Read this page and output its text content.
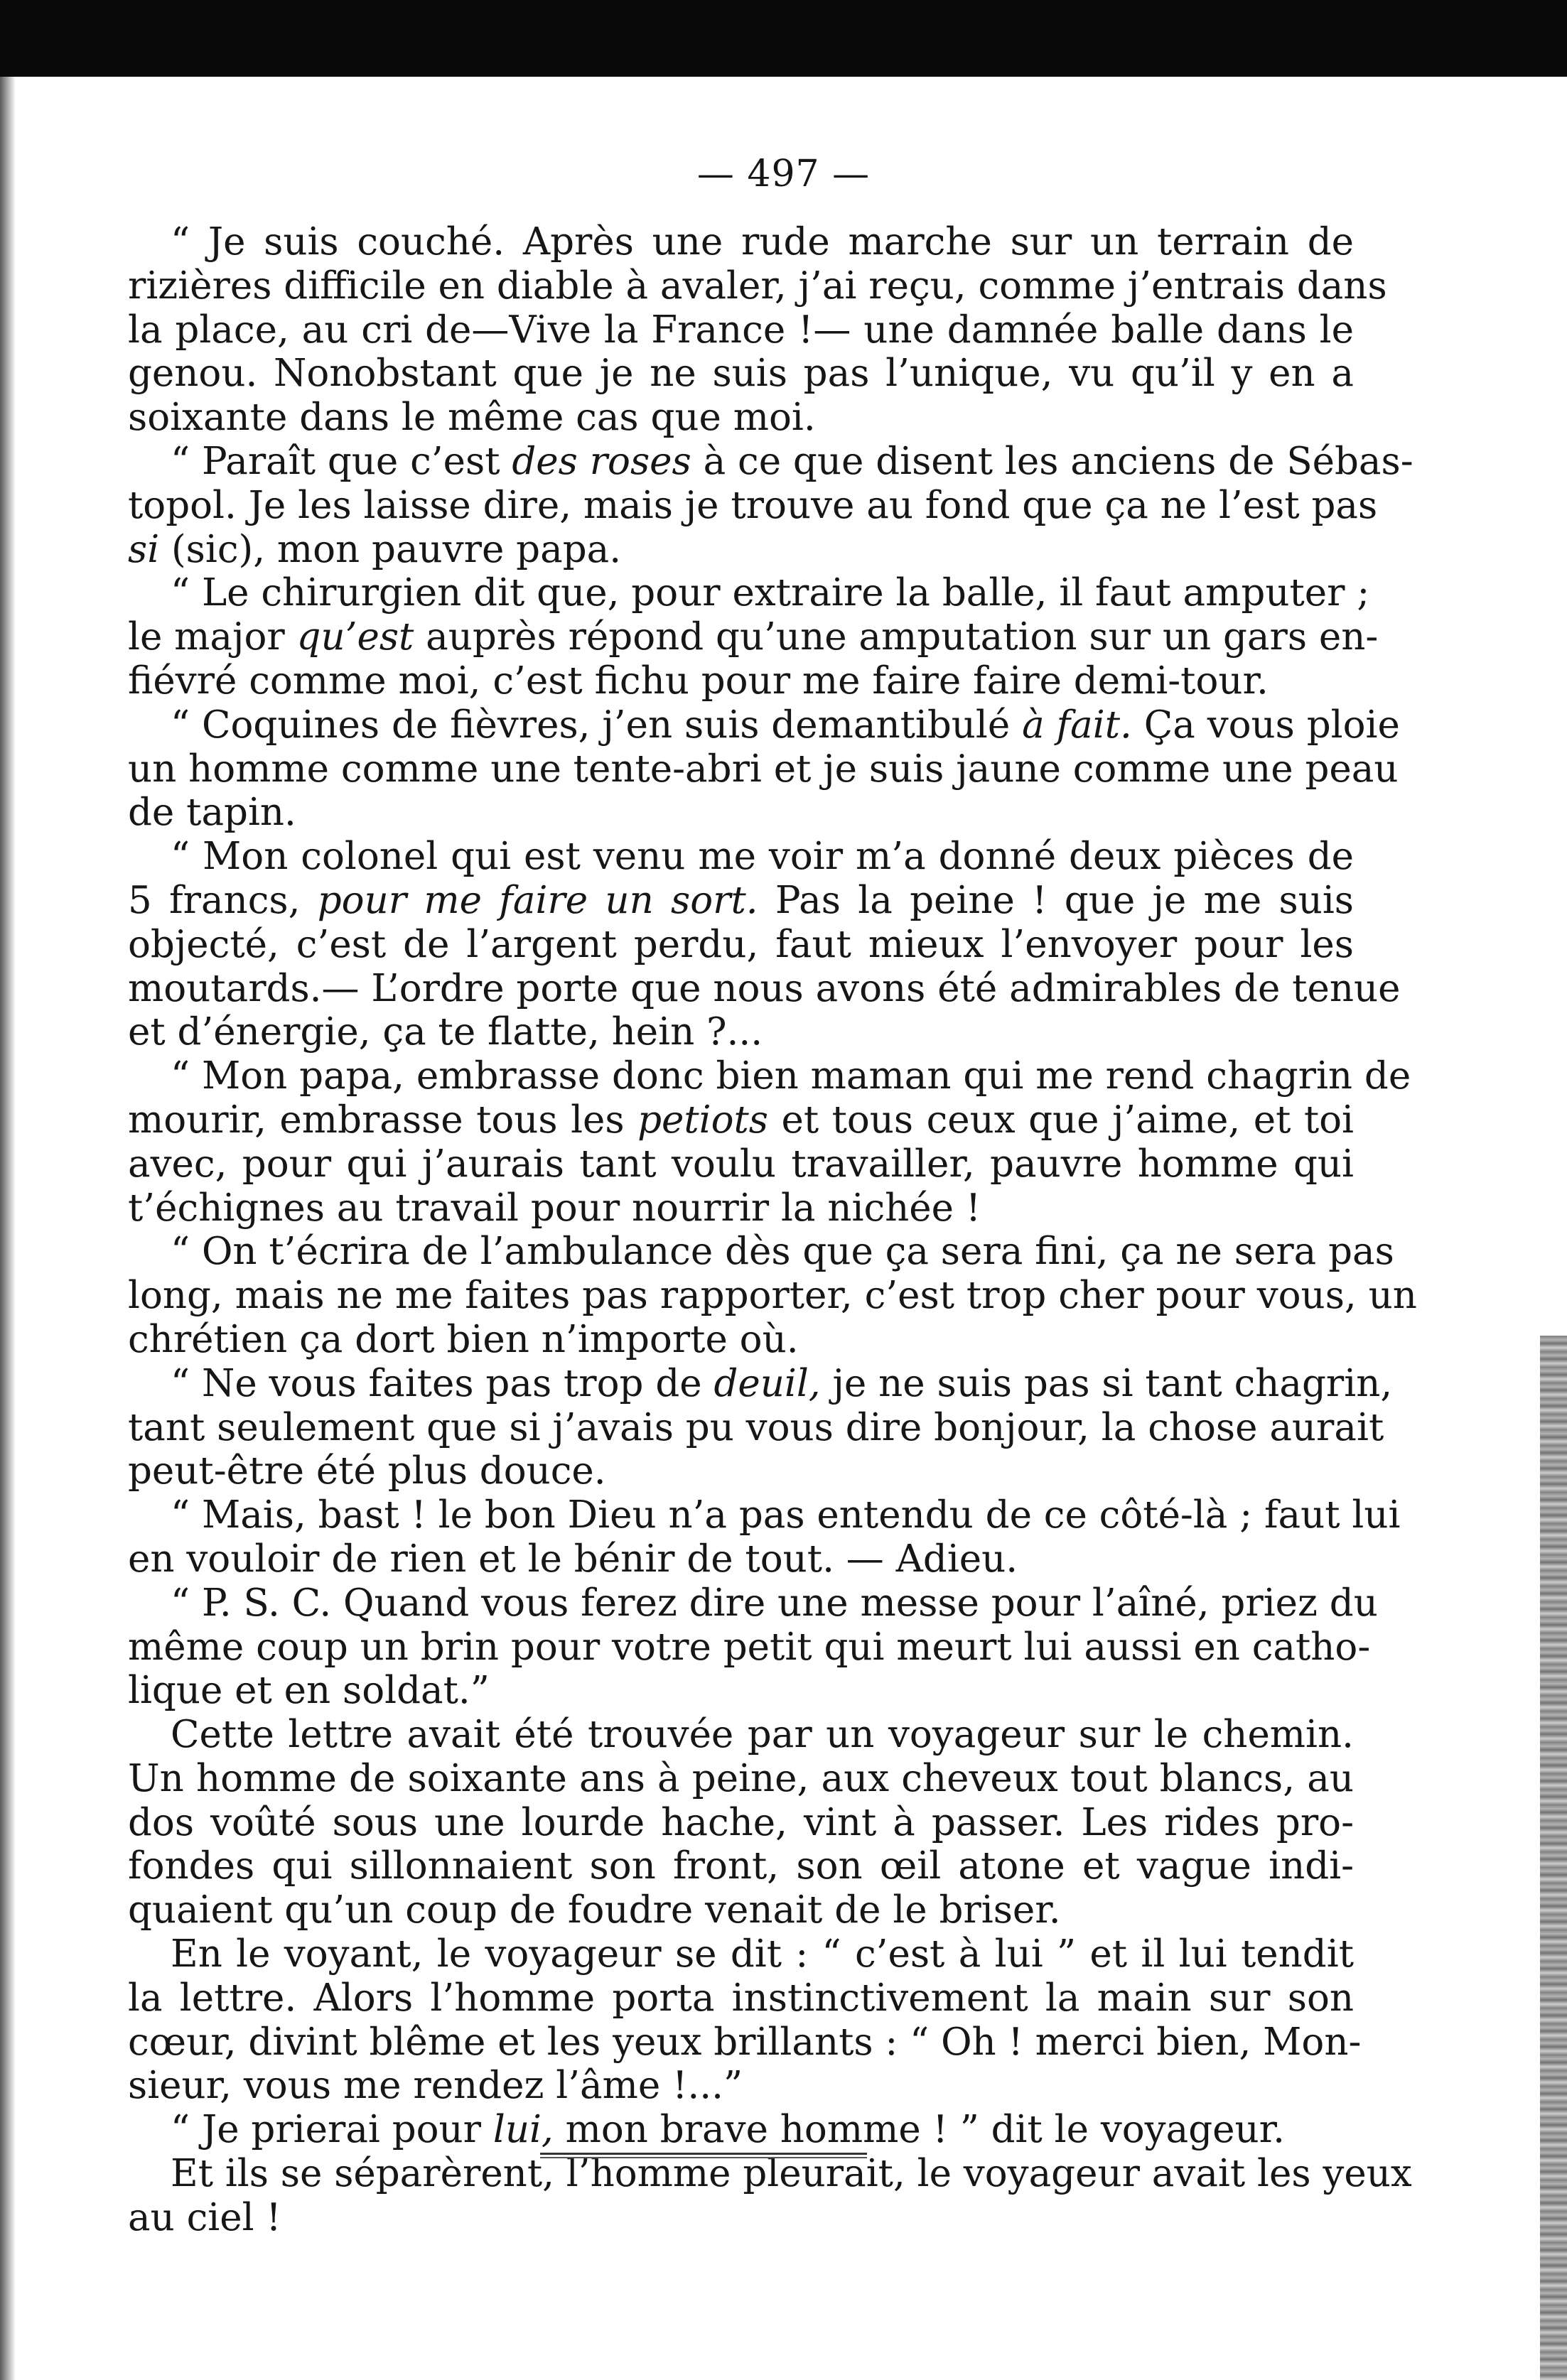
— 497 —
“ Je suis couché. Après une rude marche sur un terrain de
rizières difficile en diable à avaler, j’ai reçu, comme j’entrais dans
la place, au cri de—Vive la France !— une damnée balle dans le
genou. Nonobstant que je ne suis pas l’unique, vu qu’il y en a
soixante dans le même cas que moi.
“ Paraît que c’est des roses à ce que disent les anciens de Sébas-
topol. Je les laisse dire, mais je trouve au fond que ça ne l’est pas
si (sic), mon pauvre papa.
“ Le chirurgien dit que, pour extraire la balle, il faut amputer ;
le major qu’est auprès répond qu’une amputation sur un gars en-
fiévré comme moi, c’est fichu pour me faire faire demi-tour.
“ Coquines de fièvres, j’en suis demantibulé à fait. Ça vous ploie
un homme comme une tente-abri et je suis jaune comme une peau
de tapin.
“ Mon colonel qui est venu me voir m’a donné deux pièces de
5 francs, pour me faire un sort. Pas la peine ! que je me suis
objecté, c’est de l’argent perdu, faut mieux l’envoyer pour les
moutards.— L’ordre porte que nous avons été admirables de tenue
et d’énergie, ça te flatte, hein ?...
“ Mon papa, embrasse donc bien maman qui me rend chagrin de
mourir, embrasse tous les petiots et tous ceux que j’aime, et toi
avec, pour qui j’aurais tant voulu travailler, pauvre homme qui
t’échignes au travail pour nourrir la nichée !
“ On t’écrira de l’ambulance dès que ça sera fini, ça ne sera pas
long, mais ne me faites pas rapporter, c’est trop cher pour vous, un
chrétien ça dort bien n’importe où.
“ Ne vous faites pas trop de deuil, je ne suis pas si tant chagrin,
tant seulement que si j’avais pu vous dire bonjour, la chose aurait
peut-être été plus douce.
“ Mais, bast ! le bon Dieu n’a pas entendu de ce côté-là ; faut lui
en vouloir de rien et le bénir de tout. — Adieu.
“ P. S. C. Quand vous ferez dire une messe pour l’aîné, priez du
même coup un brin pour votre petit qui meurt lui aussi en catho-
lique et en soldat.”
Cette lettre avait été trouvée par un voyageur sur le chemin.
Un homme de soixante ans à peine, aux cheveux tout blancs, au
dos voûté sous une lourde hache, vint à passer. Les rides pro-
fondes qui sillonnaient son front, son œil atone et vague indi-
quaient qu’un coup de foudre venait de le briser.
En le voyant, le voyageur se dit : “ c’est à lui ” et il lui tendit
la lettre. Alors l’homme porta instinctivement la main sur son
cœur, divint blême et les yeux brillants : “ Oh ! merci bien, Mon-
sieur, vous me rendez l’âme !...”
“ Je prierai pour lui, mon brave homme ! ” dit le voyageur.
Et ils se séparèrent, l’homme pleurait, le voyageur avait les yeux
au ciel !
